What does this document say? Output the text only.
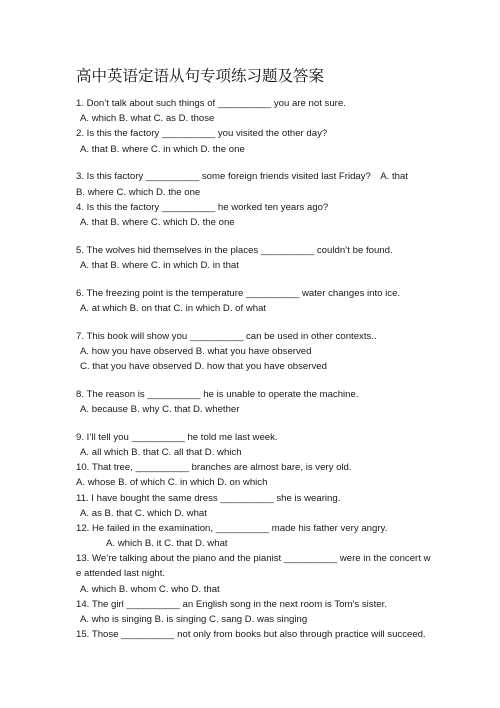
高中英语定语从句专项练习题及答案
1. Don’t talk about such things of __________ you are not sure.
A. which B. what C. as D. those
2. Is this the factory __________ you visited the other day?
A. that B. where C. in which D. the one
3. Is this factory __________ some foreign friends visited last Friday? A. that
B. where C. which D. the one
4. Is this the factory __________ he worked ten years ago?
A. that B. where C. which D. the one
5. The wolves hid themselves in the places __________ couldn’t be found.
A. that B. where C. in which D. in that
6. The freezing point is the temperature __________ water changes into ice.
A. at which B. on that C. in which D. of what
7. This book will show you __________ can be used in other contexts..
A. how you have observed B. what you have observed
C. that you have observed D. how that you have observed
8. The reason is __________ he is unable to operate the machine.
A. because B. why C. that D. whether
9. I’ll tell you __________ he told me last week.
A. all which B. that C. all that D. which
10. That tree, __________ branches are almost bare, is very old.
A. whose B. of which C. in which D. on which
11. I have bought the same dress __________ she is wearing.
A. as B. that C. which D. what
12. He failed in the examination, __________ made his father very angry.
A. which B. it C. that D. what
13. We’re talking about the piano and the pianist __________ were in the concert w
e attended last night.
A. which B. whom C. who D. that
14. The girl __________ an English song in the next room is Tom’s sister.
A. who is singing B. is singing C. sang D. was singing
15. Those __________ not only from books but also through practice will succeed.
